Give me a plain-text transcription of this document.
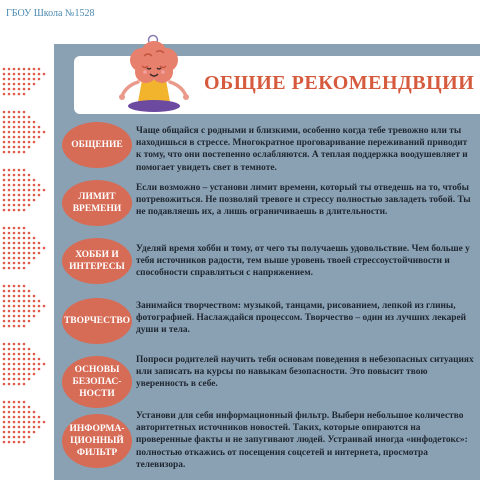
ГБОУ Школа №1528
ОБЩИЕ РЕКОМЕНДВЦИИ
ОБЩЕНИЕ
Чаще общайся с родными и близкими, особенно когда тебе тревожно или ты находишься в стрессе. Многократное проговаривание переживаний приводит к тому, что они постепенно ослабляются. А теплая поддержка воодушевляет и помогает увидеть свет в темноте.
ЛИМИТ ВРЕМЕНИ
Если возможно – установи лимит времени, который ты отведешь на то, чтобы потревожиться. Не позволяй тревоге и стрессу полностью завладеть тобой. Ты не подавляешь их, а лишь ограничиваешь в длительности.
ХОББИ И ИНТЕРЕСЫ
Уделяй время хобби и тому, от чего ты получаешь удовольствие. Чем больше у тебя источников радости, тем выше уровень твоей стрессоустойчивости и способности справляться с напряжением.
ТВОРЧЕСТВО
Занимайся творчеством: музыкой, танцами, рисованием, лепкой из глины, фотографией. Наслаждайся процессом. Творчество – один из лучших лекарей души и тела.
ОСНОВЫ БЕЗОПАС-НОСТИ
Попроси родителей научить тебя основам поведения в небезопасных ситуациях или записать на курсы по навыкам безопасности. Это повысит твою уверенность в себе.
ИНФОРМА-ЦИОННЫЙ ФИЛЬТР
Установи для себя информационный фильтр. Выбери небольшое количество авторитетных источников новостей. Таких, которые опираются на проверенные факты и не запугивают людей. Устраивай иногда «инфодетокс»: полностью откажись от посещения соцсетей и интернета, просмотра телевизора.
